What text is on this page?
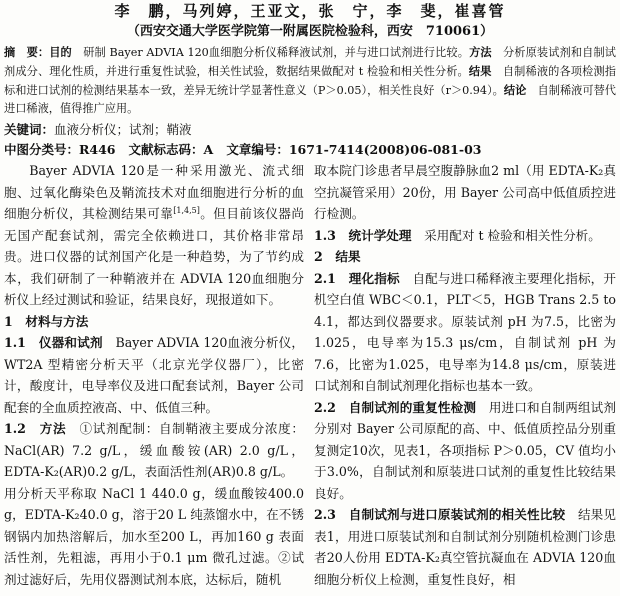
李　鹏，马列婷，王亚文，张　宁，李　斐，崔喜管
（西安交通大学医学院第一附属医院检验科，西安　710061）
摘　要：目的　研制 Bayer ADVIA 120血细胞分析仪稀释液试剂，并与进口试剂进行比较。方法　分析原装试剂和自制试剂成分、理化性质，并进行重复性试验，相关性试验，数据结果做配对 t 检验和相关性分析。结果　自制稀液的各项检测指标和进口试剂的检测结果基本一致，差异无统计学显著性意义（P＞0.05），相关性良好（r＞0.94）。结论　自制稀液可替代进口稀液，值得推广应用。
关键词：血液分析仪；试剂；鞘液
中图分类号：R446 文献标志码：A 文章编号：1671-7414(2008)06-081-03

Bayer ADVIA 120是一种采用激光、流式细胞、过氧化酶染色及鞘流技术对血细胞进行分析的血细胞分析仪，其检测结果可靠[1,4,5]。但目前该仪器尚无国产配套试剂，需完全依赖进口，其价格非常昂贵。进口仪器的试剂国产化是一种趋势，为了节约成本，我们研制了一种鞘液并在 ADVIA 120血细胞分析仪上经过测试和验证，结果良好，现报道如下。

1　材料与方法

1.1　仪器和试剂　Bayer ADVIA 120血液分析仪，WT2A 型精密分析天平（北京光学仪器厂），比密计，酸度计，电导率仪及进口配套试剂，Bayer 公司配套的全血质控液高、中、低值三种。

1.2　方法　①试剂配制：自制鞘液主要成分浓度：NaCl(AR) 7.2 g/L，缓血酸铵(AR) 2.0 g/L，EDTA-K₂(AR)0.2 g/L，表面活性剂(AR)0.8 g/L。

用分析天平称取 NaCl 1 440.0 g，缓血酸铵400.0 g，EDTA-K₂40.0 g，溶于20 L 纯蒸馏水中，在不锈钢锅内加热溶解后，加水至200 L，再加160 g 表面活性剂，先粗滤，再用小于0.1 μm 微孔过滤。②试剂过滤好后，先用仪器测试剂本底，达标后，随机

取本院门诊患者早晨空腹静脉血2 ml（用 EDTA-K₂真空抗凝管采用）20份，用 Bayer 公司高中低值质控进行检测。

1.3　统计学处理　采用配对 t 检验和相关性分析。

2　结果

2.1　理化指标　自配与进口稀释液主要理化指标，开机空白值 WBC＜0.1，PLT＜5，HGB Trans 2.5 to 4.1，都达到仪器要求。原装试剂 pH 为7.5，比密为1.025，电导率为15.3 μs/cm，自制试剂 pH 为7.6，比密为1.025，电导率为14.8 μs/cm，原装进口试剂和自制试剂理化指标也基本一致。

2.2　自制试剂的重复性检测　用进口和自制两组试剂分别对 Bayer 公司原配的高、中、低值质控品分别重复测定10次，见表1，各项指标 P＞0.05，CV 值均小于3.0%，自制试剂和原装进口试剂的重复性比较结果良好。

2.3　自制试剂与进口原装试剂的相关性比较　结果见表1，用进口原装试剂和自制试剂分别随机检测门诊患者20人份用 EDTA-K₂真空管抗凝血在 ADVIA 120血细胞分析仪上检测，重复性良好，相
